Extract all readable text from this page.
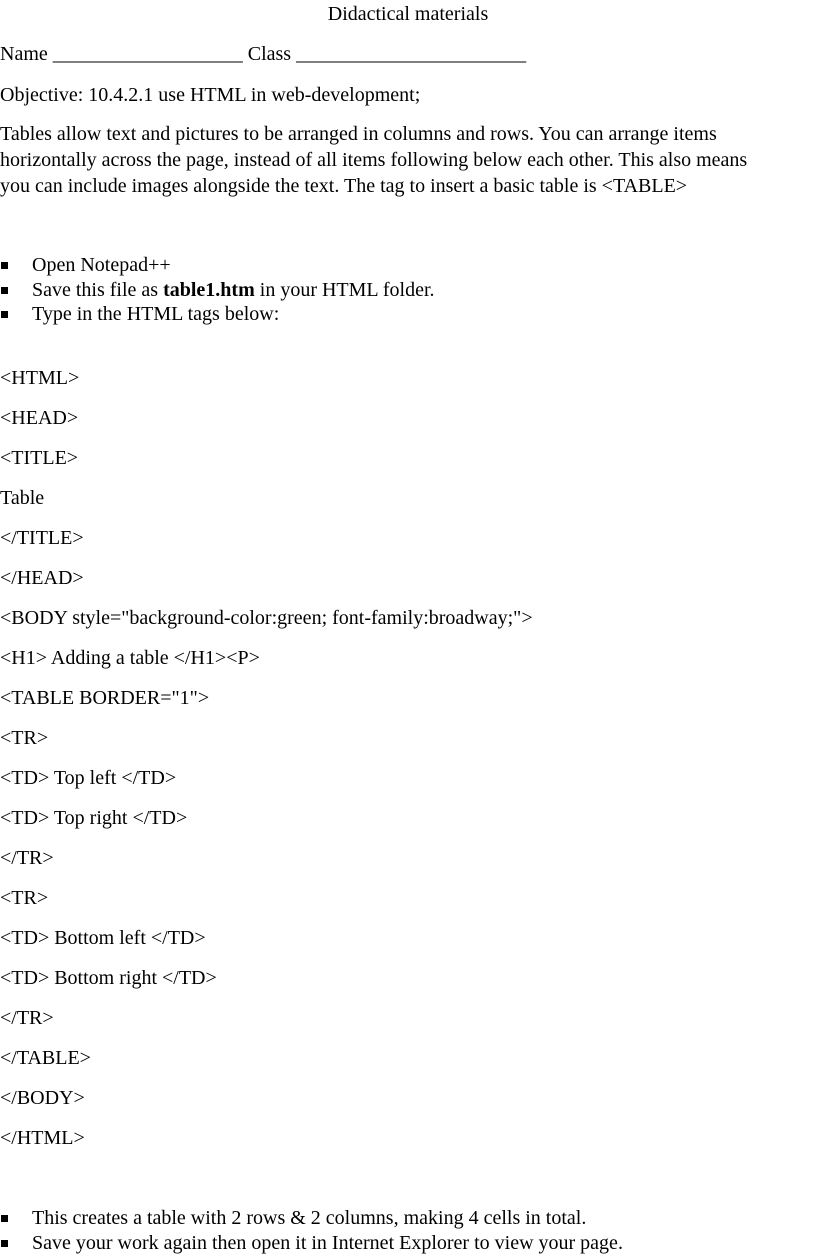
Didactical materials
Name ___________________ Class _______________________
Objective: 10.4.2.1 use HTML in web-development;
Tables allow text and pictures to be arranged in columns and rows. You can arrange items
horizontally across the page, instead of all items following below each other. This also means
you can include images alongside the text. The tag to insert a basic table is <TABLE>
Open Notepad++
Save this file as table1.htm in your HTML folder.
Type in the HTML tags below:
<HTML>
<HEAD>
<TITLE>
Table
</TITLE>
</HEAD>
<BODY style="background-color:green; font-family:broadway;">
<H1> Adding a table </H1><P>
<TABLE BORDER="1">
<TR>
<TD> Top left </TD>
<TD> Top right </TD>
</TR>
<TR>
<TD> Bottom left </TD>
<TD> Bottom right </TD>
</TR>
</TABLE>
</BODY>
</HTML>
This creates a table with 2 rows & 2 columns, making 4 cells in total.
Save your work again then open it in Internet Explorer to view your page.
